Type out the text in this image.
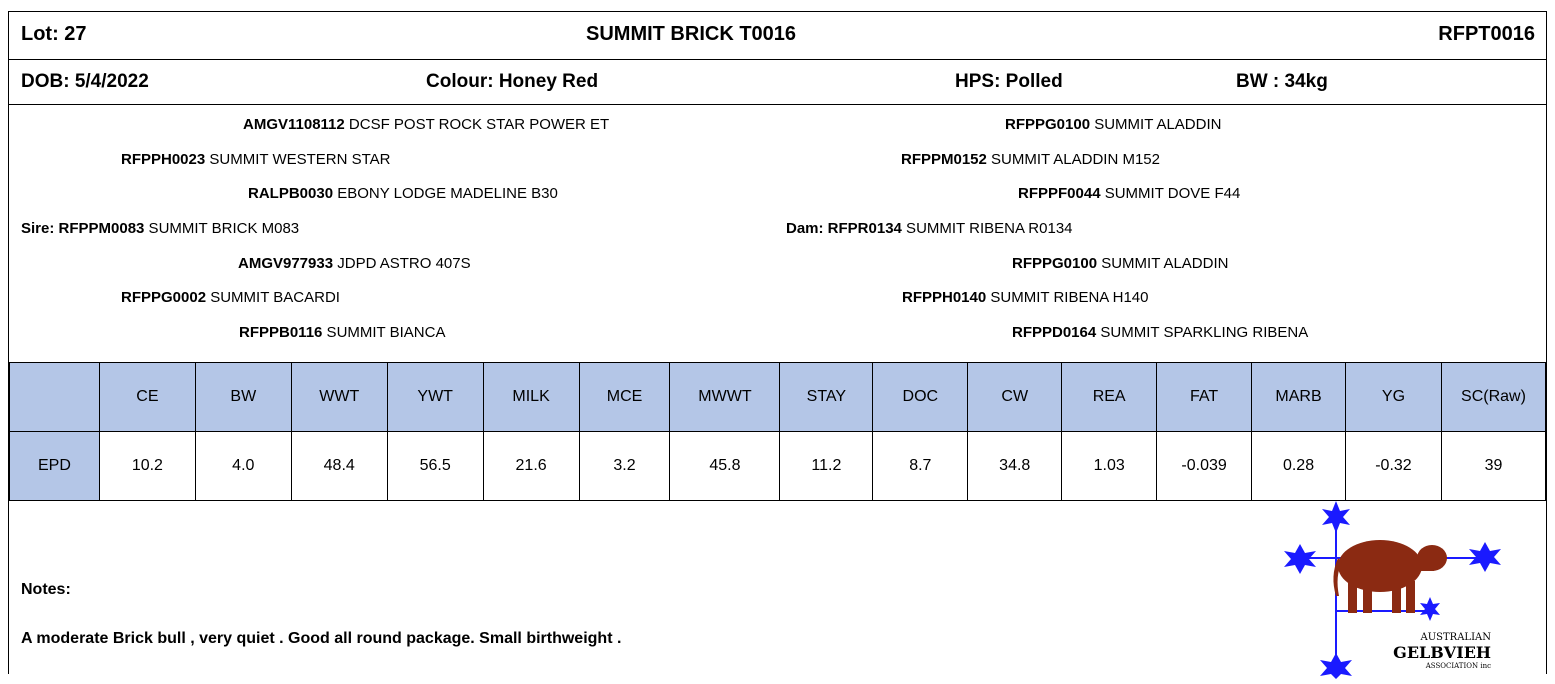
Lot: 27	SUMMIT BRICK T0016	RFPT0016
DOB: 5/4/2022	Colour: Honey Red	HPS: Polled	BW : 34kg
AMGV1108112 DCSF POST ROCK STAR POWER ET
RFPPH0023 SUMMIT WESTERN STAR
RALPB0030 EBONY LODGE MADELINE B30
Sire: RFPPM0083 SUMMIT BRICK M083
AMGV977933 JDPD ASTRO 407S
RFPPG0002 SUMMIT BACARDI
RFPPB0116 SUMMIT BIANCA
RFPPG0100 SUMMIT ALADDIN
RFPPM0152 SUMMIT ALADDIN M152
RFPPF0044 SUMMIT DOVE F44
Dam: RFPR0134 SUMMIT RIBENA R0134
RFPPG0100 SUMMIT ALADDIN
RFPPH0140 SUMMIT RIBENA H140
RFPPD0164 SUMMIT SPARKLING RIBENA
	CE	BW	WWT	YWT	MILK	MCE	MWWT	STAY	DOC	CW	REA	FAT	MARB	YG	SC(Raw)
EPD	10.2	4.0	48.4	56.5	21.6	3.2	45.8	11.2	8.7	34.8	1.03	-0.039	0.28	-0.32	39
Notes:
A moderate Brick bull , very quiet . Good all round package. Small birthweight .	AUSTRALIAN
GELBVIEH
ASSOCIATION inc
